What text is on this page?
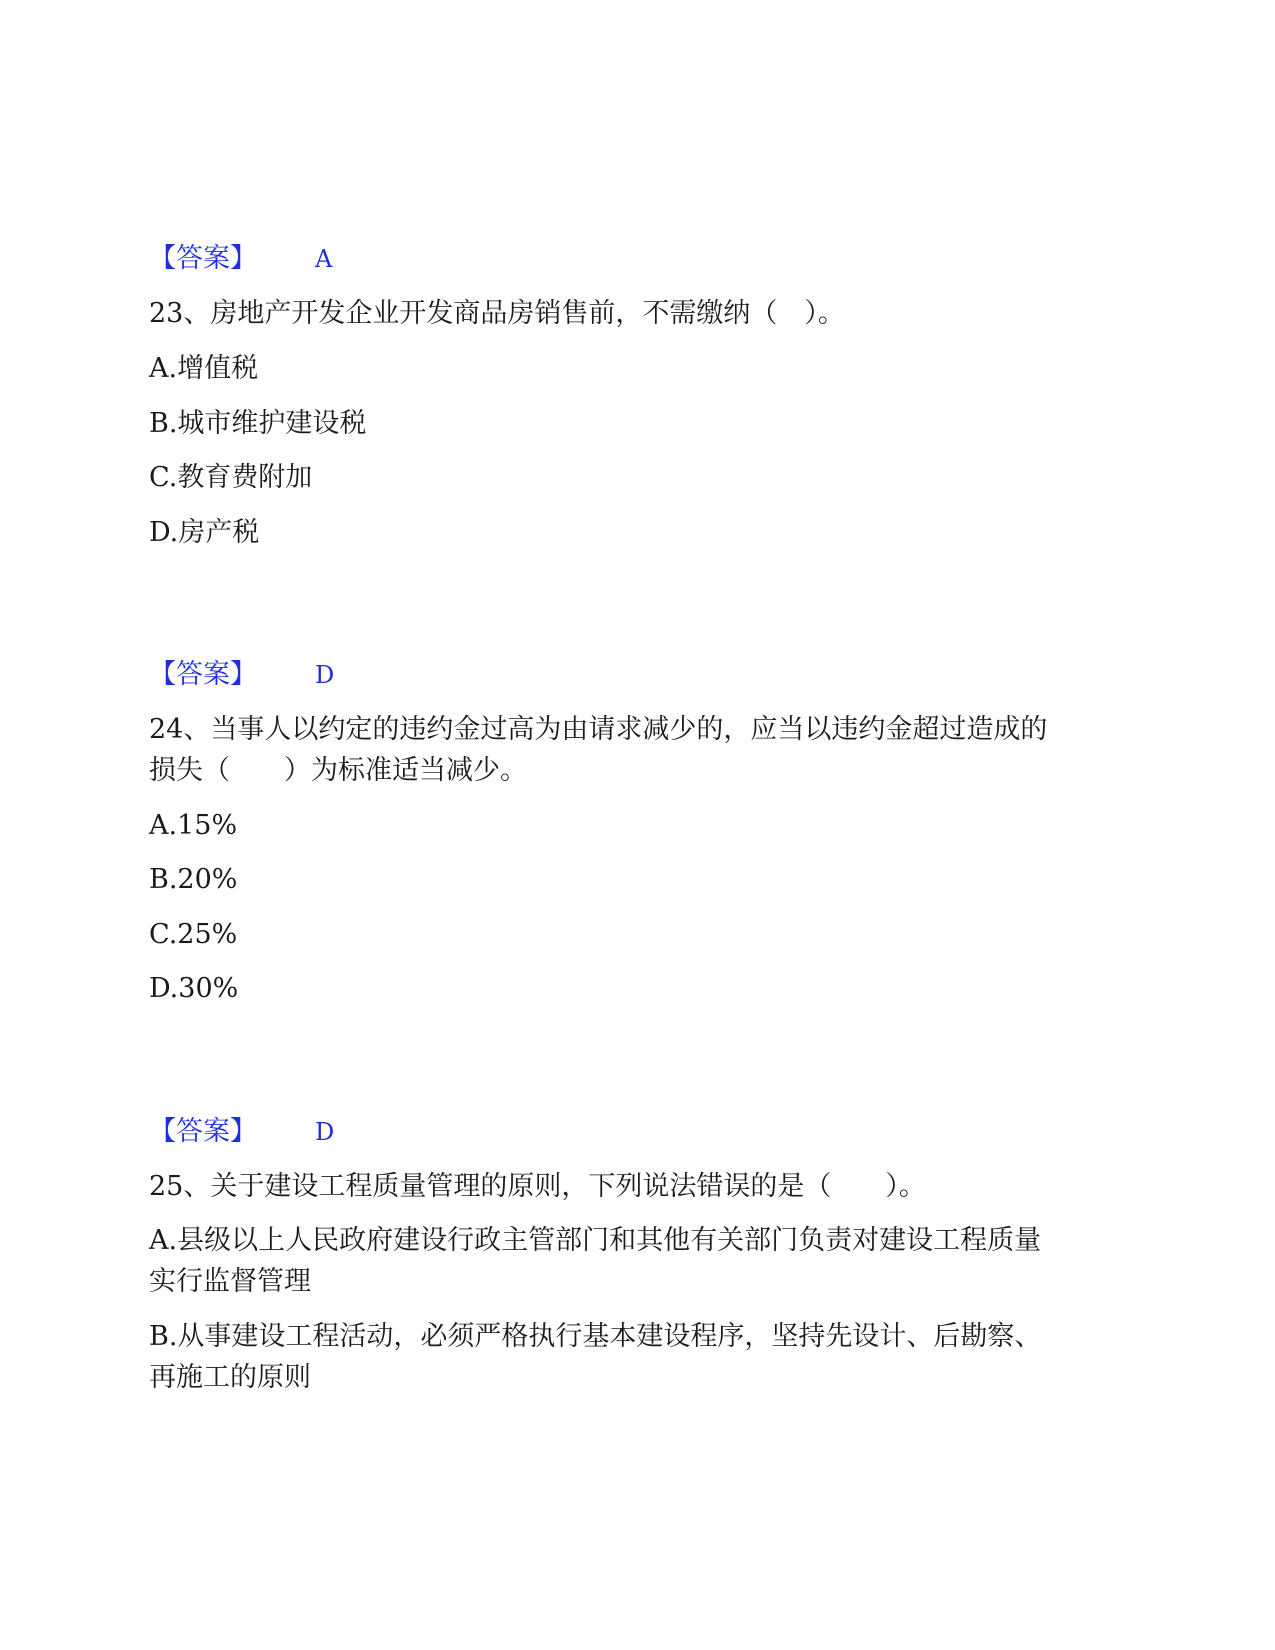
【答案】 A
23、房地产开发企业开发商品房销售前，不需缴纳（　）。
A.增值税
B.城市维护建设税
C.教育费附加
D.房产税
【答案】 D
24、当事人以约定的违约金过高为由请求减少的，应当以违约金超过造成的
损失（　　）为标准适当减少。
A.15%
B.20%
C.25%
D.30%
【答案】 D
25、关于建设工程质量管理的原则，下列说法错误的是（　　）。
A.县级以上人民政府建设行政主管部门和其他有关部门负责对建设工程质量
实行监督管理
B.从事建设工程活动，必须严格执行基本建设程序，坚持先设计、后勘察、
再施工的原则
